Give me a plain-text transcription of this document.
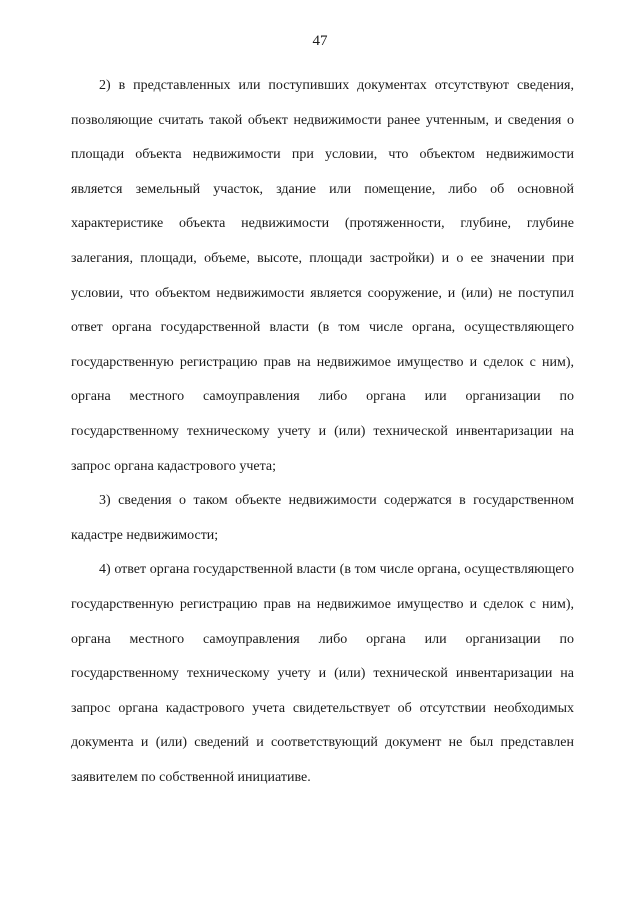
47

2) в представленных или поступивших документах отсутствуют сведения, позволяющие считать такой объект недвижимости ранее учтенным, и сведения о площади объекта недвижимости при условии, что объектом недвижимости является земельный участок, здание или помещение, либо об основной характеристике объекта недвижимости (протяженности, глубине, глубине залегания, площади, объеме, высоте, площади застройки) и о ее значении при условии, что объектом недвижимости является сооружение, и (или) не поступил ответ органа государственной власти (в том числе органа, осуществляющего государственную регистрацию прав на недвижимое имущество и сделок с ним), органа местного самоуправления либо органа или организации по государственному техническому учету и (или) технической инвентаризации на запрос органа кадастрового учета;

3) сведения о таком объекте недвижимости содержатся в государственном кадастре недвижимости;

4) ответ органа государственной власти (в том числе органа, осуществляющего государственную регистрацию прав на недвижимое имущество и сделок с ним), органа местного самоуправления либо органа или организации по государственному техническому учету и (или) технической инвентаризации на запрос органа кадастрового учета свидетельствует об отсутствии необходимых документа и (или) сведений и соответствующий документ не был представлен заявителем по собственной инициативе.
